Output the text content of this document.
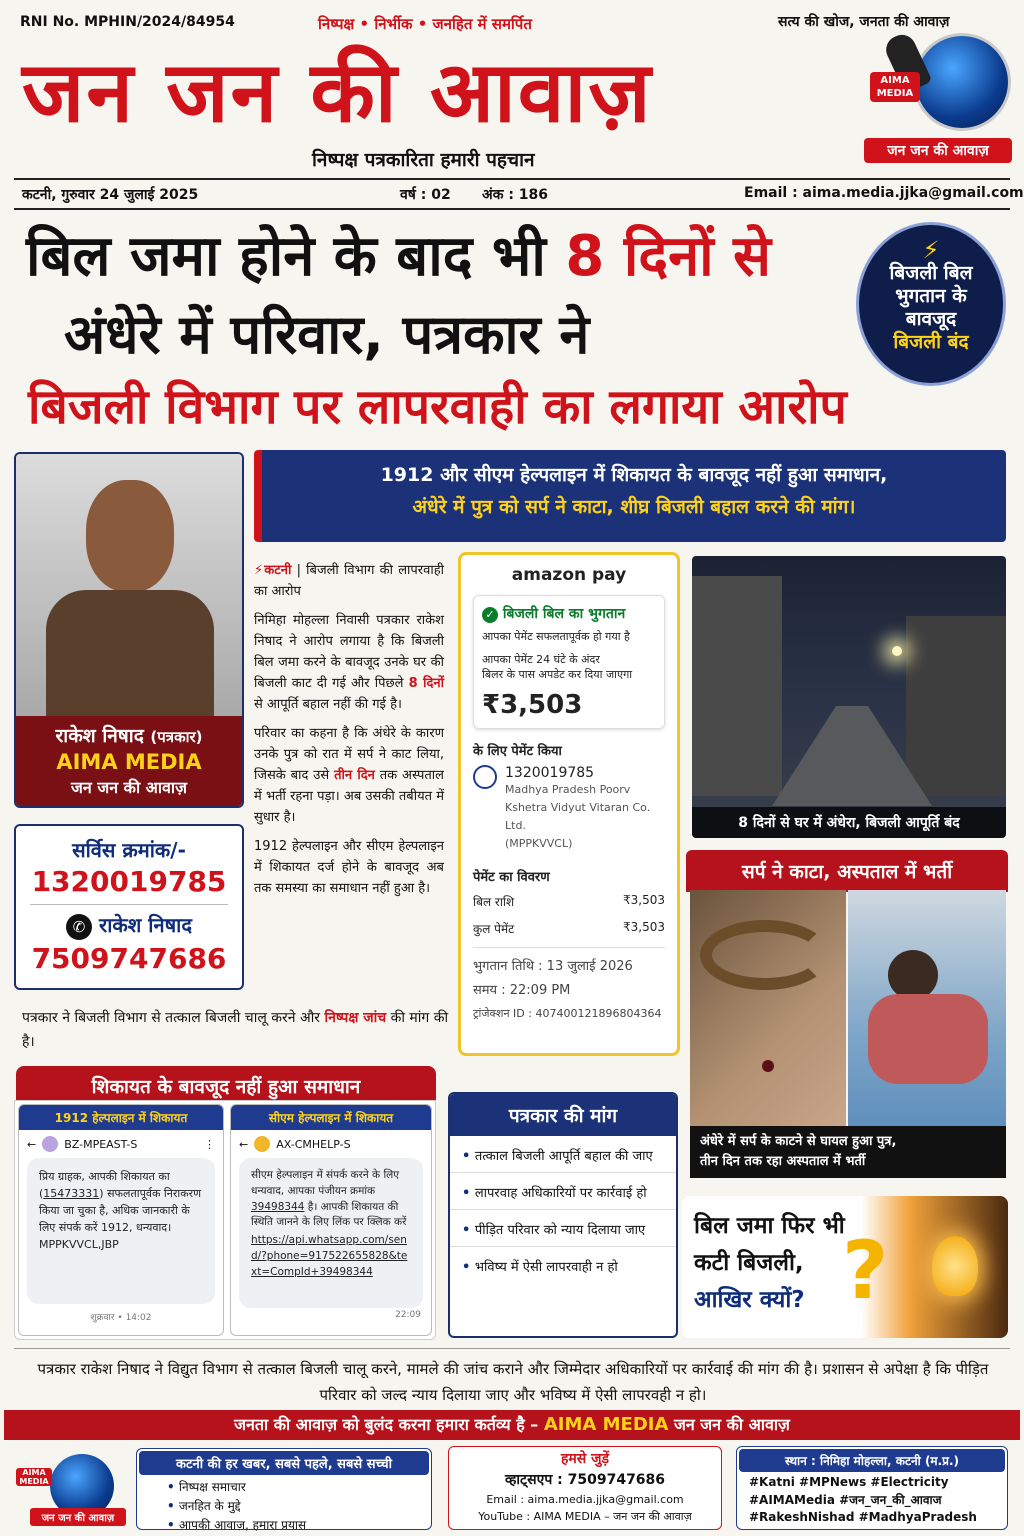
RNI No. MPHIN/2024/84954	निष्पक्ष • निर्भीक • जनहित में समर्पित	सत्य की खोज, जनता की आवाज़
जन जन की आवाज़
निष्पक्ष पत्रकारिता हमारी पहचान
AIMA MEDIA
जन जन की आवाज़
कटनी, गुरुवार 24 जुलाई 2025	वर्ष : 02 अंक : 186	Email : aima.media.jjka@gmail.com
बिल जमा होने के बाद भी 8 दिनों से
अंधेरे में परिवार, पत्रकार ने
बिजली विभाग पर लापरवाही का लगाया आरोप
⚡
बिजली बिल
भुगतान के
बावजूद
बिजली बंद
राकेश निषाद (पत्रकार)
AIMA MEDIA
जन जन की आवाज़
1912 और सीएम हेल्पलाइन में शिकायत के बावजूद नहीं हुआ समाधान,
अंधेरे में पुत्र को सर्प ने काटा, शीघ्र बिजली बहाल करने की मांग।
सर्विस क्रमांक/-
1320019785
✆ राकेश निषाद
7509747686
⚡कटनी | बिजली विभाग की लापरवाही का आरोप

निमिहा मोहल्ला निवासी पत्रकार राकेश निषाद ने आरोप लगाया है कि बिजली बिल जमा करने के बावजूद उनके घर की बिजली काट दी गई और पिछले 8 दिनों से आपूर्ति बहाल नहीं की गई है।

परिवार का कहना है कि अंधेरे के कारण उनके पुत्र को रात में सर्प ने काट लिया, जिसके बाद उसे तीन दिन तक अस्पताल में भर्ती रहना पड़ा। अब उसकी तबीयत में सुधार है।

1912 हेल्पलाइन और सीएम हेल्पलाइन में शिकायत दर्ज होने के बावजूद अब तक समस्या का समाधान नहीं हुआ है।

पत्रकार ने बिजली विभाग से तत्काल बिजली चालू करने और निष्पक्ष जांच की मांग की है।
amazon pay
✓ बिजली बिल का भुगतान
आपका पेमेंट सफलतापूर्वक हो गया है
आपका पेमेंट 24 घंटे के अंदर
बिलर के पास अपडेट कर दिया जाएगा
₹3,503
के लिए पेमेंट किया
1320019785
Madhya Pradesh Poorv
Kshetra Vidyut Vitaran Co. Ltd.
(MPPKVVCL)
पेमेंट का विवरण
बिल राशि	₹3,503
कुल पेमेंट	₹3,503
भुगतान तिथि : 13 जुलाई 2026
समय : 22:09 PM
ट्रांजेक्शन ID : 407400121896804364
8 दिनों से घर में अंधेरा, बिजली आपूर्ति बंद
सर्प ने काटा, अस्पताल में भर्ती
अंधेरे में सर्प के काटने से घायल हुआ पुत्र,
तीन दिन तक रहा अस्पताल में भर्ती
शिकायत के बावजूद नहीं हुआ समाधान
1912 हेल्पलाइन में शिकायत
←	BZ-MPEAST-S	⋮
प्रिय ग्राहक, आपकी शिकायत का (15473331) सफलतापूर्वक निराकरण किया जा चुका है, अधिक जानकारी के लिए संपर्क करें 1912, धन्यवाद। MPPKVVCL,JBP
शुक्रवार • 14:02
सीएम हेल्पलाइन में शिकायत
←	AX-CMHELP-S
सीएम हेल्पलाइन में संपर्क करने के लिए धन्यवाद, आपका पंजीयन क्रमांक 39498344 है। आपकी शिकायत की स्थिति जानने के लिए लिंक पर क्लिक करें
https://api.whatsapp.com/send/?phone=917522655828&text=CompId+39498344
22:09
पत्रकार की मांग
• तत्काल बिजली आपूर्ति बहाल की जाए
• लापरवाह अधिकारियों पर कार्रवाई हो
• पीड़ित परिवार को न्याय दिलाया जाए
• भविष्य में ऐसी लापरवाही न हो
बिल जमा फिर भी
कटी बिजली,
आखिर क्यों? ?
पत्रकार राकेश निषाद ने विद्युत विभाग से तत्काल बिजली चालू करने, मामले की जांच कराने और जिम्मेदार अधिकारियों पर कार्रवाई की मांग की है। प्रशासन से अपेक्षा है कि पीड़ित परिवार को जल्द न्याय दिलाया जाए और भविष्य में ऐसी लापरवही न हो।
जनता की आवाज़ को बुलंद करना हमारा कर्तव्य है – AIMA MEDIA जन जन की आवाज़
AIMA MEDIA
जन जन की आवाज़
कटनी की हर खबर, सबसे पहले, सबसे सच्ची
• निष्पक्ष समाचार
• जनहित के मुद्दे
• आपकी आवाज़, हमारा प्रयास
हमसे जुड़ें
व्हाट्सएप : 7509747686
Email : aima.media.jjka@gmail.com
YouTube : AIMA MEDIA – जन जन की आवाज़
स्थान : निमिहा मोहल्ला, कटनी (म.प्र.)
#Katni #MPNews #Electricity
#AIMAMedia #जन_जन_की_आवाज
#RakeshNishad #MadhyaPradesh
